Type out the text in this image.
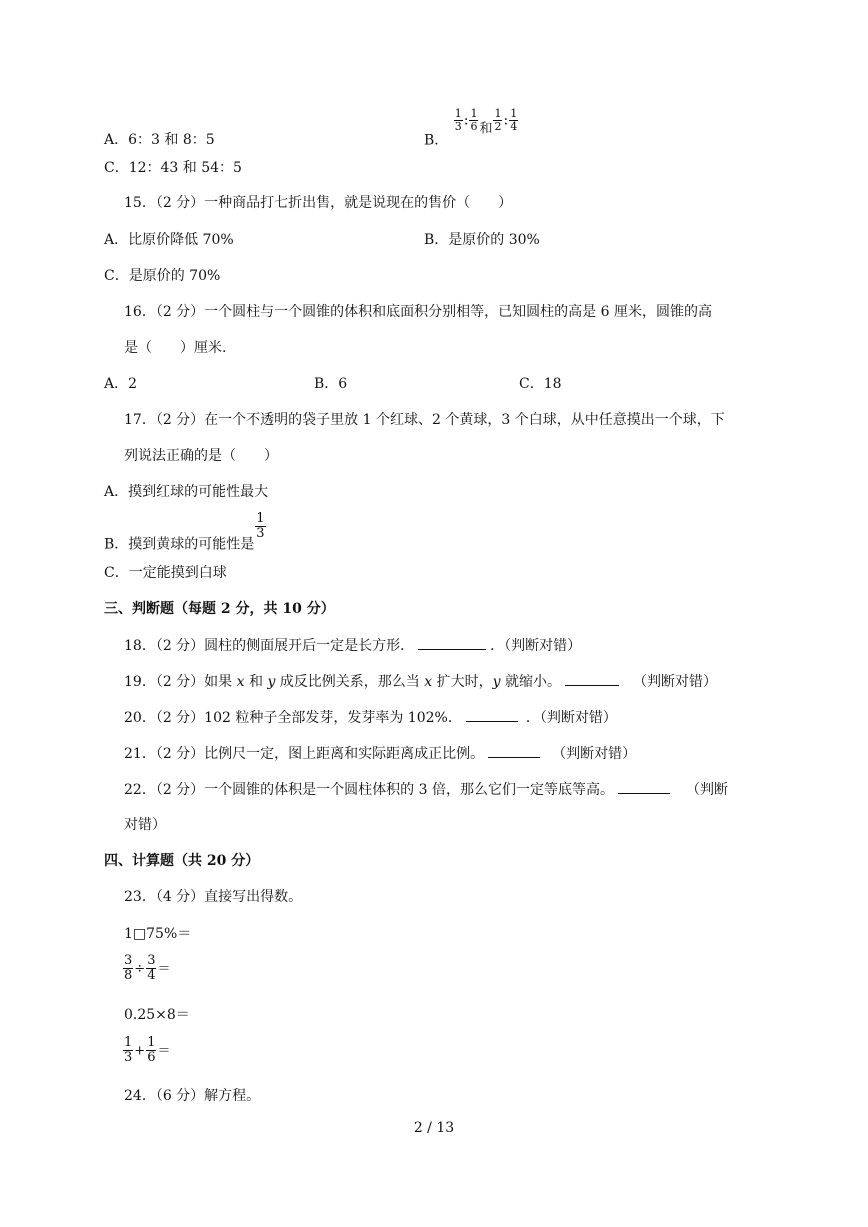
A．6：3 和 8：5	B．
$\frac{1}{3}$ : $\frac{1}{6}$ 和 $\frac{1}{2}$ : $\frac{1}{4}$
C．12：43 和 54：5
15．（2 分）一种商品打七折出售，就是说现在的售价（　　）
A．比原价降低 70%	B．是原价的 30%
C．是原价的 70%
16．（2 分）一个圆柱与一个圆锥的体积和底面积分别相等，已知圆柱的高是 6 厘米，圆锥的高
是（　　）厘米.
A．2	B．6	C．18
17．（2 分）在一个不透明的袋子里放 1 个红球、2 个黄球，3 个白球，从中任意摸出一个球，下
列说法正确的是（　　）
A．摸到红球的可能性最大
B．摸到黄球的可能性是
$\frac{1}{3}$
C．一定能摸到白球
三、判断题（每题 2 分，共 10 分）
18．（2 分）圆柱的侧面展开后一定是长方形．	．（判断对错）
19．（2 分）如果 x 和 y 成反比例关系，那么当 x 扩大时，y 就缩小。	（判断对错）
20．（2 分）102 粒种子全部发芽，发芽率为 102%．	．（判断对错）
21．（2 分）比例尺一定，图上距离和实际距离成正比例。	（判断对错）
22．（2 分）一个圆锥的体积是一个圆柱体积的 3 倍，那么它们一定等底等高。	（判断
对错）
四、计算题（共 20 分）
23．（4 分）直接写出得数。
1□75%＝
$\frac{3}{8} \div \frac{3}{4}$ ＝
0.25×8＝
$\frac{1}{3} + \frac{1}{6}$ ＝
24．（6 分）解方程。
2 / 13
